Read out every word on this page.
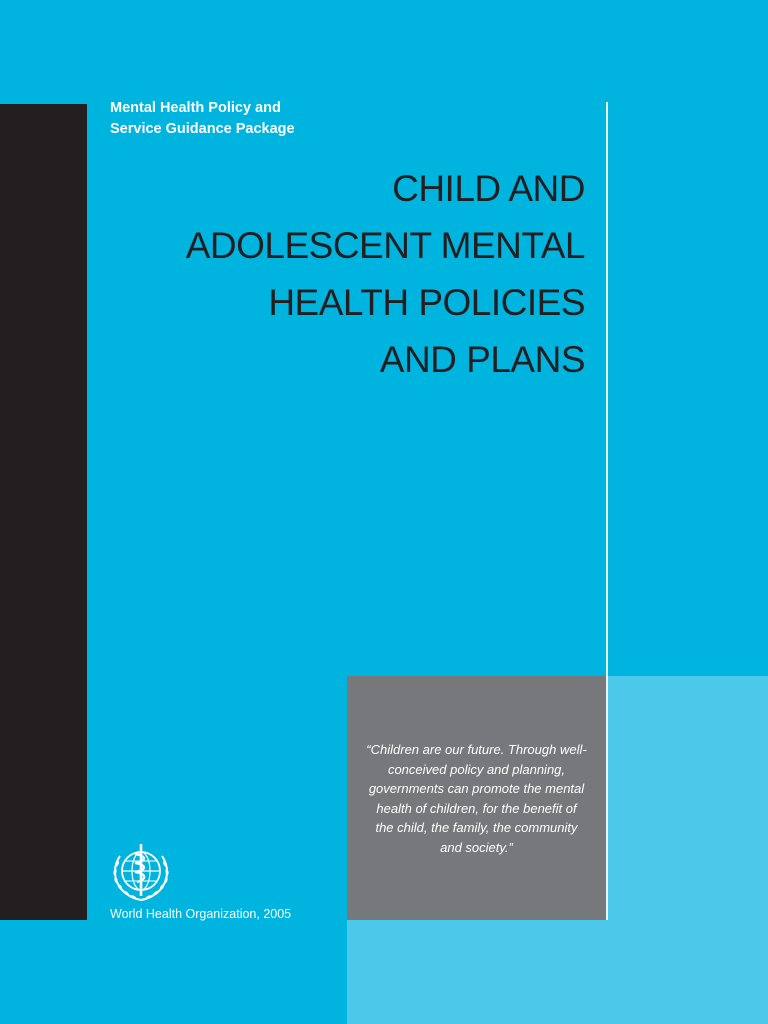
Mental Health Policy and
Service Guidance Package
CHILD AND
ADOLESCENT MENTAL
HEALTH POLICIES
AND PLANS
“Children are our future. Through well-
conceived policy and planning,
governments can promote the mental
health of children, for the benefit of
the child, the family, the community
and society.”
World Health Organization, 2005
